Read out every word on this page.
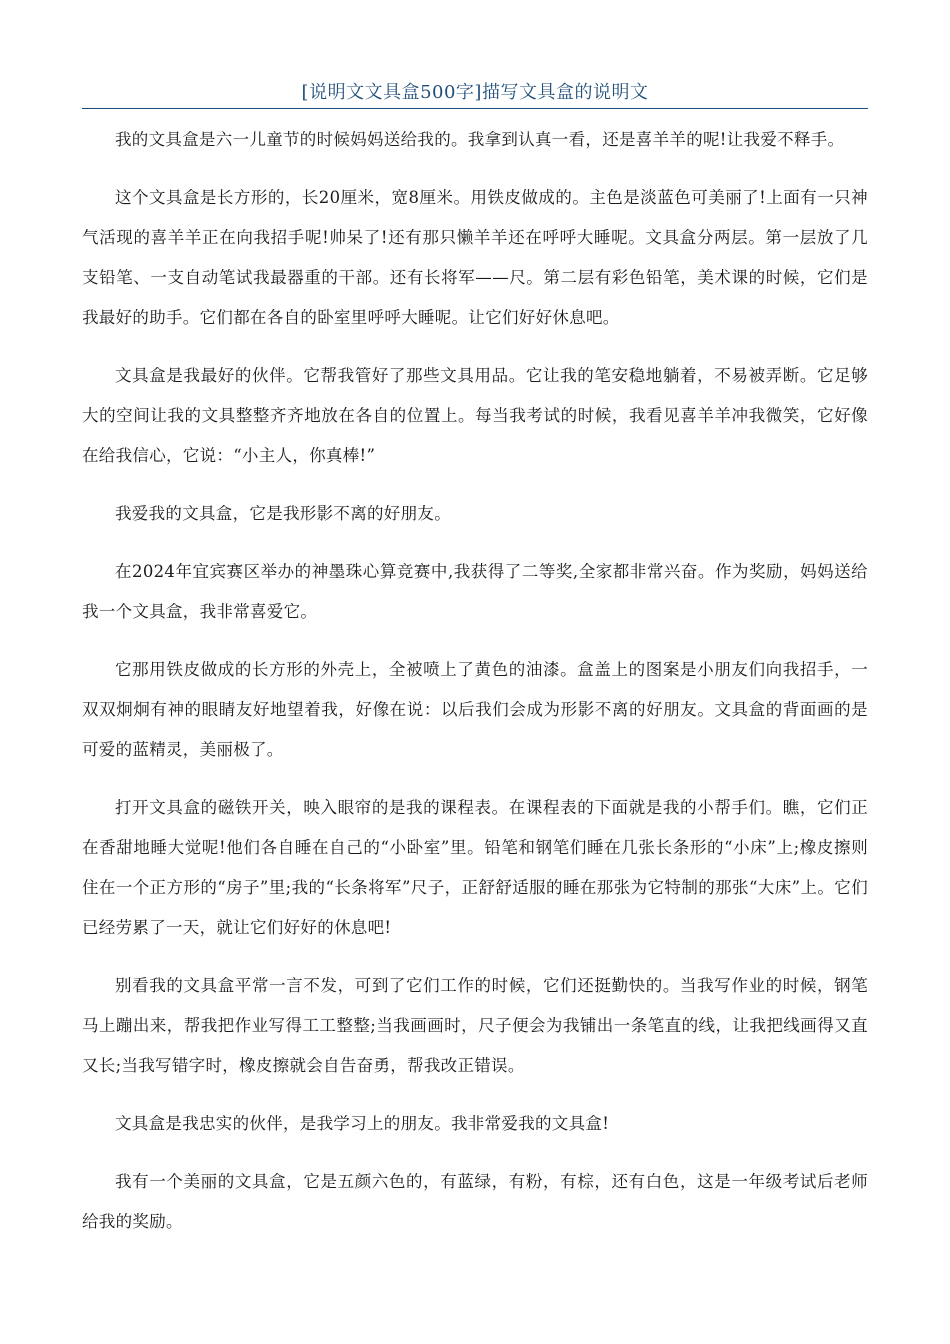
[说明文文具盒500字]描写文具盒的说明文

我的文具盒是六一儿童节的时候妈妈送给我的。我拿到认真一看，还是喜羊羊的呢!让我爱不释手。

这个文具盒是长方形的，长20厘米，宽8厘米。用铁皮做成的。主色是淡蓝色可美丽了!上面有一只神气活现的喜羊羊正在向我招手呢!帅呆了!还有那只懒羊羊还在呼呼大睡呢。文具盒分两层。第一层放了几支铅笔、一支自动笔试我最器重的干部。还有长将军——尺。第二层有彩色铅笔，美术课的时候，它们是我最好的助手。它们都在各自的卧室里呼呼大睡呢。让它们好好休息吧。

文具盒是我最好的伙伴。它帮我管好了那些文具用品。它让我的笔安稳地躺着，不易被弄断。它足够大的空间让我的文具整整齐齐地放在各自的位置上。每当我考试的时候，我看见喜羊羊冲我微笑，它好像在给我信心，它说：“小主人，你真棒!”

我爱我的文具盒，它是我形影不离的好朋友。

在2024年宜宾赛区举办的神墨珠心算竞赛中,我获得了二等奖,全家都非常兴奋。作为奖励，妈妈送给我一个文具盒，我非常喜爱它。

它那用铁皮做成的长方形的外壳上，全被喷上了黄色的油漆。盒盖上的图案是小朋友们向我招手，一双双炯炯有神的眼睛友好地望着我，好像在说：以后我们会成为形影不离的好朋友。文具盒的背面画的是可爱的蓝精灵，美丽极了。

打开文具盒的磁铁开关，映入眼帘的是我的课程表。在课程表的下面就是我的小帮手们。瞧，它们正在香甜地睡大觉呢!他们各自睡在自己的“小卧室”里。铅笔和钢笔们睡在几张长条形的“小床”上;橡皮擦则住在一个正方形的“房子”里;我的“长条将军”尺子，正舒舒适服的睡在那张为它特制的那张“大床”上。它们已经劳累了一天，就让它们好好的休息吧!

别看我的文具盒平常一言不发，可到了它们工作的时候，它们还挺勤快的。当我写作业的时候，钢笔马上蹦出来，帮我把作业写得工工整整;当我画画时，尺子便会为我铺出一条笔直的线，让我把线画得又直又长;当我写错字时，橡皮擦就会自告奋勇，帮我改正错误。

文具盒是我忠实的伙伴，是我学习上的朋友。我非常爱我的文具盒!

我有一个美丽的文具盒，它是五颜六色的，有蓝绿，有粉，有棕，还有白色，这是一年级考试后老师给我的奖励。
